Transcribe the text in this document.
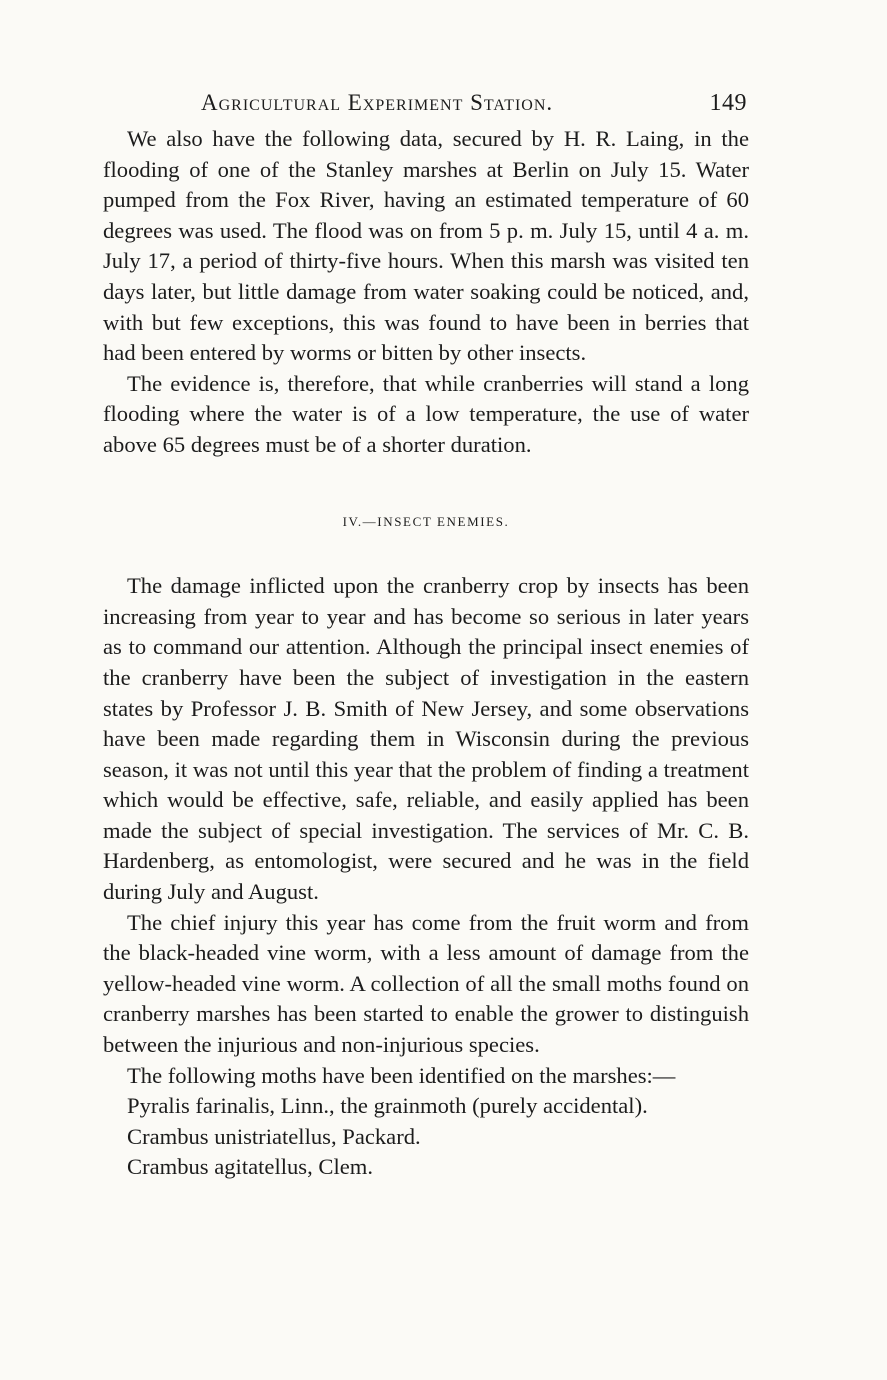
Agricultural Experiment Station.	149

We also have the following data, secured by H. R. Laing, in the flooding of one of the Stanley marshes at Berlin on July 15. Water pumped from the Fox River, having an estimated temperature of 60 degrees was used. The flood was on from 5 p. m. July 15, until 4 a. m. July 17, a period of thirty-five hours. When this marsh was visited ten days later, but little damage from water soaking could be noticed, and, with but few exceptions, this was found to have been in berries that had been entered by worms or bitten by other insects.

The evidence is, therefore, that while cranberries will stand a long flooding where the water is of a low temperature, the use of water above 65 degrees must be of a shorter duration.

IV.—INSECT ENEMIES.

The damage inflicted upon the cranberry crop by insects has been increasing from year to year and has become so serious in later years as to command our attention. Although the principal insect enemies of the cranberry have been the subject of investigation in the eastern states by Professor J. B. Smith of New Jersey, and some observations have been made regarding them in Wisconsin during the previous season, it was not until this year that the problem of finding a treatment which would be effective, safe, reliable, and easily applied has been made the subject of special investigation. The services of Mr. C. B. Hardenberg, as entomologist, were secured and he was in the field during July and August.

The chief injury this year has come from the fruit worm and from the black-headed vine worm, with a less amount of damage from the yellow-headed vine worm. A collection of all the small moths found on cranberry marshes has been started to enable the grower to distinguish between the injurious and non-injurious species.

The following moths have been identified on the marshes:—
Pyralis farinalis, Linn., the grainmoth (purely accidental).
Crambus unistriatellus, Packard.
Crambus agitatellus, Clem.
